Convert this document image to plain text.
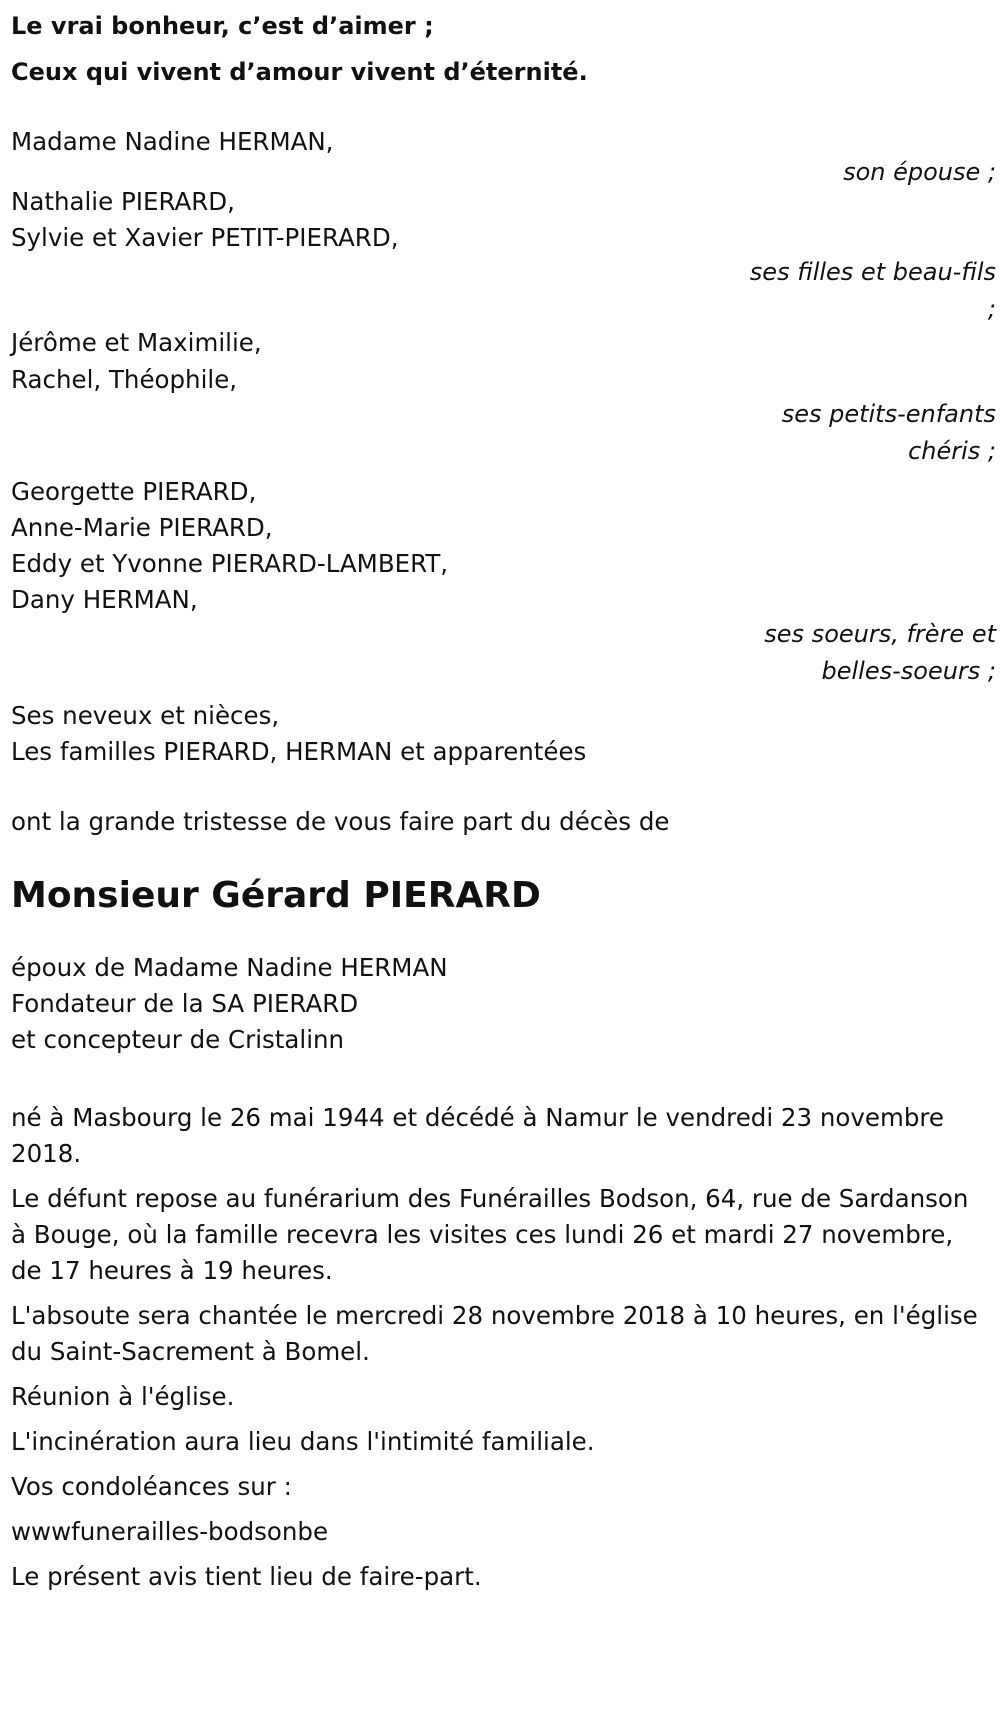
Le vrai bonheur, c’est d’aimer ;

Ceux qui vivent d’amour vivent d’éternité.

Madame Nadine HERMAN,
son épouse ;
Nathalie PIERARD,
Sylvie et Xavier PETIT-PIERARD,
ses filles et beau-fils
;
Jérôme et Maximilie,
Rachel, Théophile,
ses petits-enfants
chéris ;
Georgette PIERARD,
Anne-Marie PIERARD,
Eddy et Yvonne PIERARD-LAMBERT,
Dany HERMAN,
ses soeurs, frère et
belles-soeurs ;
Ses neveux et nièces,
Les familles PIERARD, HERMAN et apparentées

ont la grande tristesse de vous faire part du décès de

Monsieur Gérard PIERARD
époux de Madame Nadine HERMAN
Fondateur de la SA PIERARD
et concepteur de Cristalinn

né à Masbourg le 26 mai 1944 et décédé à Namur le vendredi 23 novembre 2018.

Le défunt repose au funérarium des Funérailles Bodson, 64, rue de Sardanson à Bouge, où la famille recevra les visites ces lundi 26 et mardi 27 novembre, de 17 heures à 19 heures.

L'absoute sera chantée le mercredi 28 novembre 2018 à 10 heures, en l'église du Saint-Sacrement à Bomel.

Réunion à l'église.

L'incinération aura lieu dans l'intimité familiale.

Vos condoléances sur :

wwwfunerailles-bodsonbe

Le présent avis tient lieu de faire-part.
